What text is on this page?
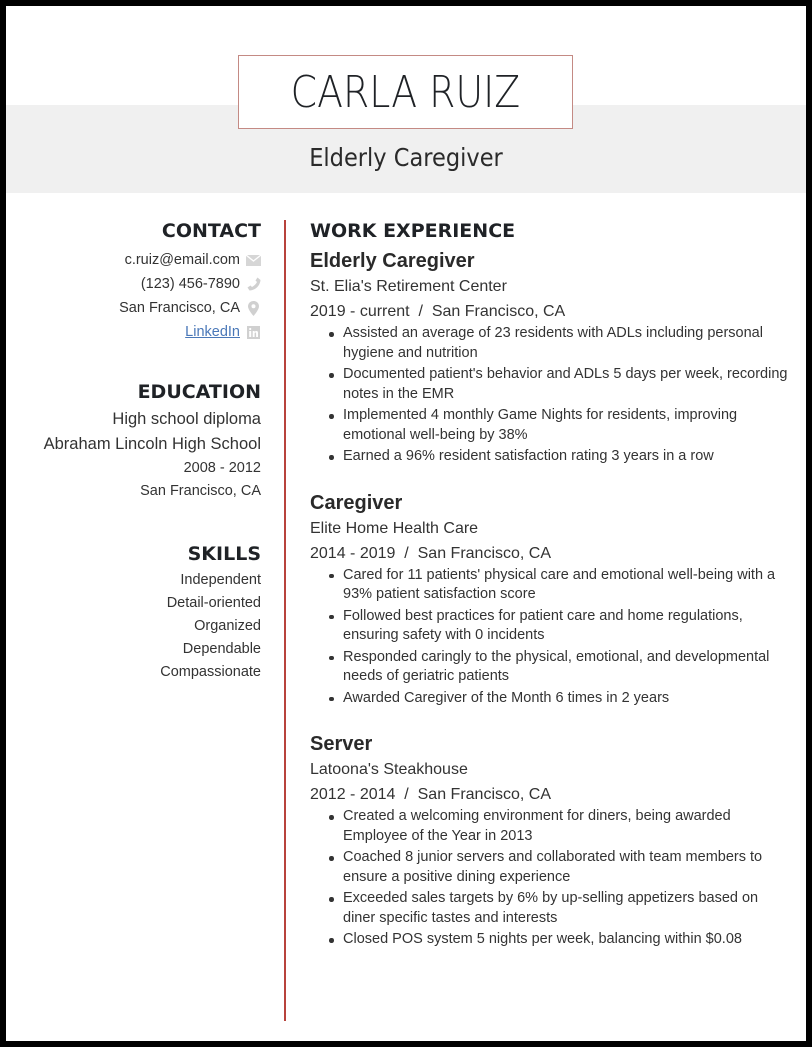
CARLA RUIZ
Elderly Caregiver
CONTACT
c.ruiz@email.com
(123) 456-7890
San Francisco, CA
LinkedIn
EDUCATION
High school diploma
Abraham Lincoln High School
2008 - 2012
San Francisco, CA
SKILLS
Independent
Detail-oriented
Organized
Dependable
Compassionate
WORK EXPERIENCE
Elderly Caregiver
St. Elia's Retirement Center
2019 - current  /  San Francisco, CA
Assisted an average of 23 residents with ADLs including personal hygiene and nutrition
Documented patient's behavior and ADLs 5 days per week, recording notes in the EMR
Implemented 4 monthly Game Nights for residents, improving emotional well-being by 38%
Earned a 96% resident satisfaction rating 3 years in a row
Caregiver
Elite Home Health Care
2014 - 2019  /  San Francisco, CA
Cared for 11 patients' physical care and emotional well-being with a 93% patient satisfaction score
Followed best practices for patient care and home regulations, ensuring safety with 0 incidents
Responded caringly to the physical, emotional, and developmental needs of geriatric patients
Awarded Caregiver of the Month 6 times in 2 years
Server
Latoona's Steakhouse
2012 - 2014  /  San Francisco, CA
Created a welcoming environment for diners, being awarded Employee of the Year in 2013
Coached 8 junior servers and collaborated with team members to ensure a positive dining experience
Exceeded sales targets by 6% by up-selling appetizers based on diner specific tastes and interests
Closed POS system 5 nights per week, balancing within $0.08
